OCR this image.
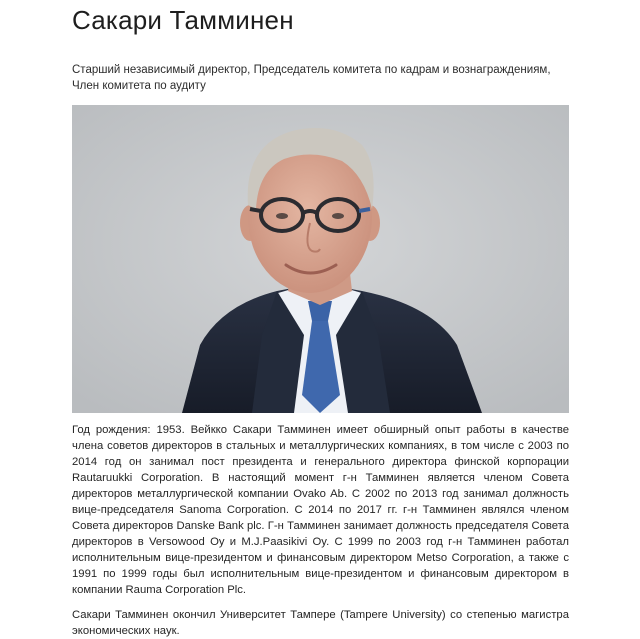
Сакари Тамминен

Старший независимый директор, Председатель комитета по кадрам и вознаграждениям, Член комитета по аудиту

Год рождения: 1953. Вейкко Сакари Тамминен имеет обширный опыт работы в качестве члена советов директоров в стальных и металлургических компаниях, в том числе с 2003 по 2014 год он занимал пост президента и генерального директора финской корпорации Rautaruukki Corporation. В настоящий момент г-н Тамминен является членом Совета директоров металлургической компании Ovako Ab. С 2002 по 2013 год занимал должность вице-председателя Sanoma Corporation. С 2014 по 2017 гг. г-н Тамминен являлся членом Совета директоров Danske Bank plc. Г-н Тамминен занимает должность председателя Совета директоров в Versowood Oy и M.J.Paasikivi Oy. С 1999 по 2003 год г-н Тамминен работал исполнительным вице-президентом и финансовым директором Metso Corporation, а также с 1991 по 1999 годы был исполнительным вице-президентом и финансовым директором в компании Rauma Corporation Plc.

Сакари Тамминен окончил Университет Тампере (Tampere University) со степенью магистра экономических наук.
